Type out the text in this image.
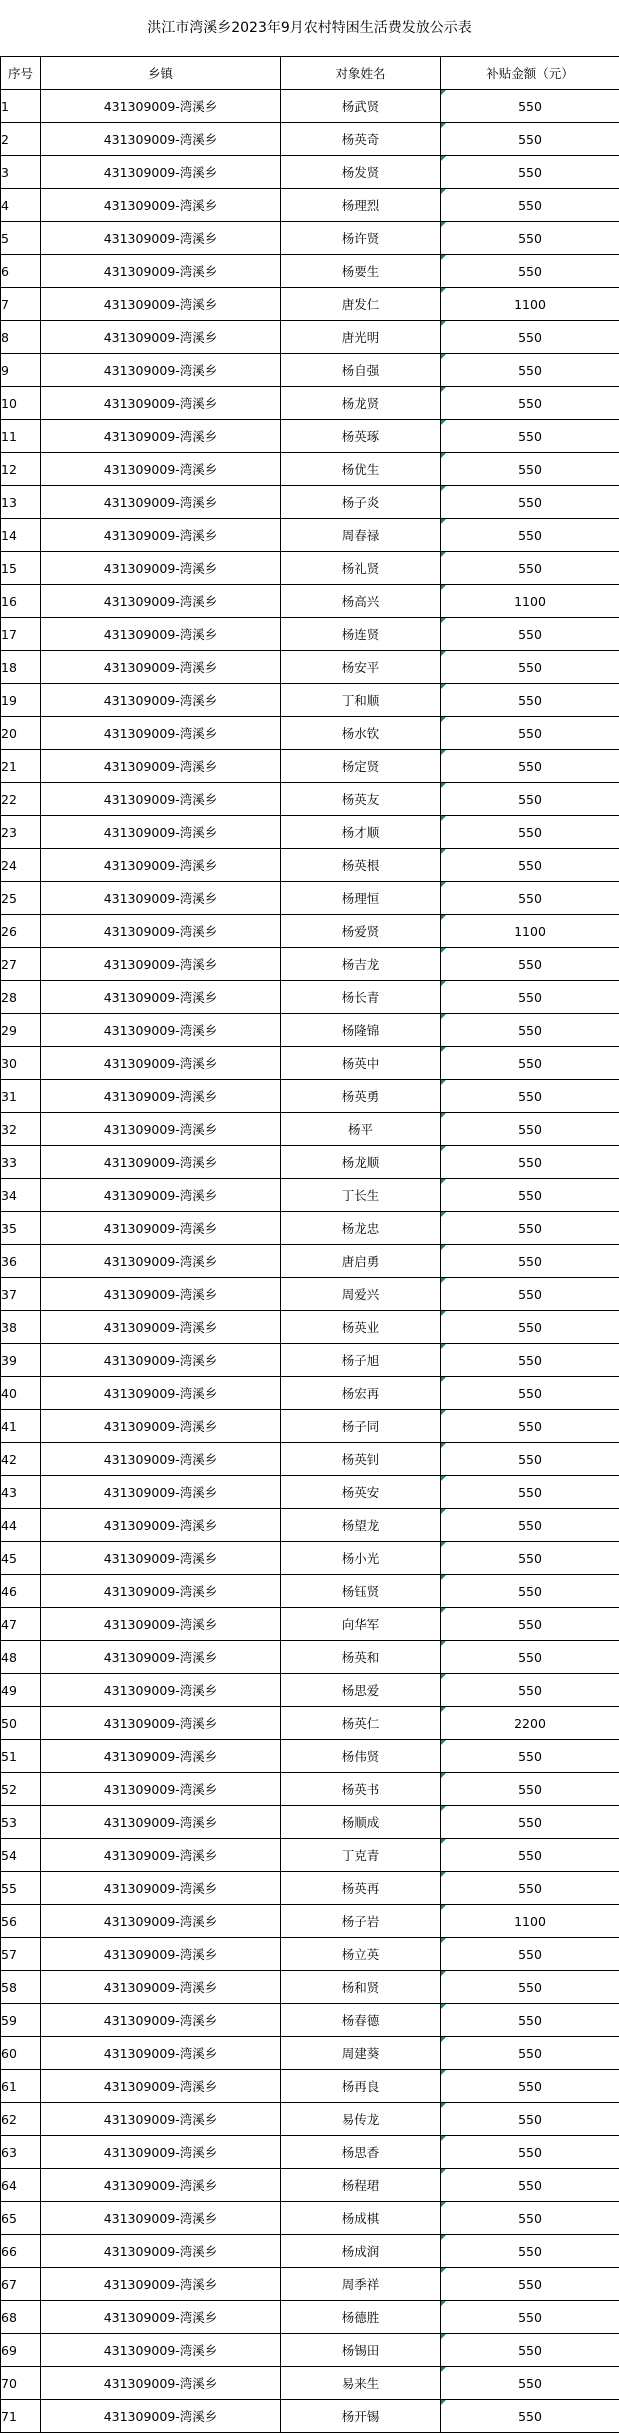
洪江市湾溪乡2023年9月农村特困生活费发放公示表
序号	乡镇	对象姓名	补贴金额（元）
1	431309009-湾溪乡	杨武贤	550
2	431309009-湾溪乡	杨英奇	550
3	431309009-湾溪乡	杨发贤	550
4	431309009-湾溪乡	杨理烈	550
5	431309009-湾溪乡	杨许贤	550
6	431309009-湾溪乡	杨要生	550
7	431309009-湾溪乡	唐发仁	1100
8	431309009-湾溪乡	唐光明	550
9	431309009-湾溪乡	杨自强	550
10	431309009-湾溪乡	杨龙贤	550
11	431309009-湾溪乡	杨英琢	550
12	431309009-湾溪乡	杨优生	550
13	431309009-湾溪乡	杨子炎	550
14	431309009-湾溪乡	周春禄	550
15	431309009-湾溪乡	杨礼贤	550
16	431309009-湾溪乡	杨高兴	1100
17	431309009-湾溪乡	杨连贤	550
18	431309009-湾溪乡	杨安平	550
19	431309009-湾溪乡	丁和顺	550
20	431309009-湾溪乡	杨水钦	550
21	431309009-湾溪乡	杨定贤	550
22	431309009-湾溪乡	杨英友	550
23	431309009-湾溪乡	杨才顺	550
24	431309009-湾溪乡	杨英根	550
25	431309009-湾溪乡	杨理恒	550
26	431309009-湾溪乡	杨爱贤	1100
27	431309009-湾溪乡	杨吉龙	550
28	431309009-湾溪乡	杨长青	550
29	431309009-湾溪乡	杨隆锦	550
30	431309009-湾溪乡	杨英中	550
31	431309009-湾溪乡	杨英勇	550
32	431309009-湾溪乡	杨平	550
33	431309009-湾溪乡	杨龙顺	550
34	431309009-湾溪乡	丁长生	550
35	431309009-湾溪乡	杨龙忠	550
36	431309009-湾溪乡	唐启勇	550
37	431309009-湾溪乡	周爱兴	550
38	431309009-湾溪乡	杨英业	550
39	431309009-湾溪乡	杨子旭	550
40	431309009-湾溪乡	杨宏再	550
41	431309009-湾溪乡	杨子同	550
42	431309009-湾溪乡	杨英钊	550
43	431309009-湾溪乡	杨英安	550
44	431309009-湾溪乡	杨望龙	550
45	431309009-湾溪乡	杨小光	550
46	431309009-湾溪乡	杨钰贤	550
47	431309009-湾溪乡	向华军	550
48	431309009-湾溪乡	杨英和	550
49	431309009-湾溪乡	杨思爱	550
50	431309009-湾溪乡	杨英仁	2200
51	431309009-湾溪乡	杨伟贤	550
52	431309009-湾溪乡	杨英书	550
53	431309009-湾溪乡	杨顺成	550
54	431309009-湾溪乡	丁克青	550
55	431309009-湾溪乡	杨英再	550
56	431309009-湾溪乡	杨子岩	1100
57	431309009-湾溪乡	杨立英	550
58	431309009-湾溪乡	杨和贤	550
59	431309009-湾溪乡	杨春德	550
60	431309009-湾溪乡	周建葵	550
61	431309009-湾溪乡	杨再良	550
62	431309009-湾溪乡	易传龙	550
63	431309009-湾溪乡	杨思香	550
64	431309009-湾溪乡	杨程珺	550
65	431309009-湾溪乡	杨成棋	550
66	431309009-湾溪乡	杨成润	550
67	431309009-湾溪乡	周季祥	550
68	431309009-湾溪乡	杨德胜	550
69	431309009-湾溪乡	杨锡田	550
70	431309009-湾溪乡	易来生	550
71	431309009-湾溪乡	杨开锡	550
